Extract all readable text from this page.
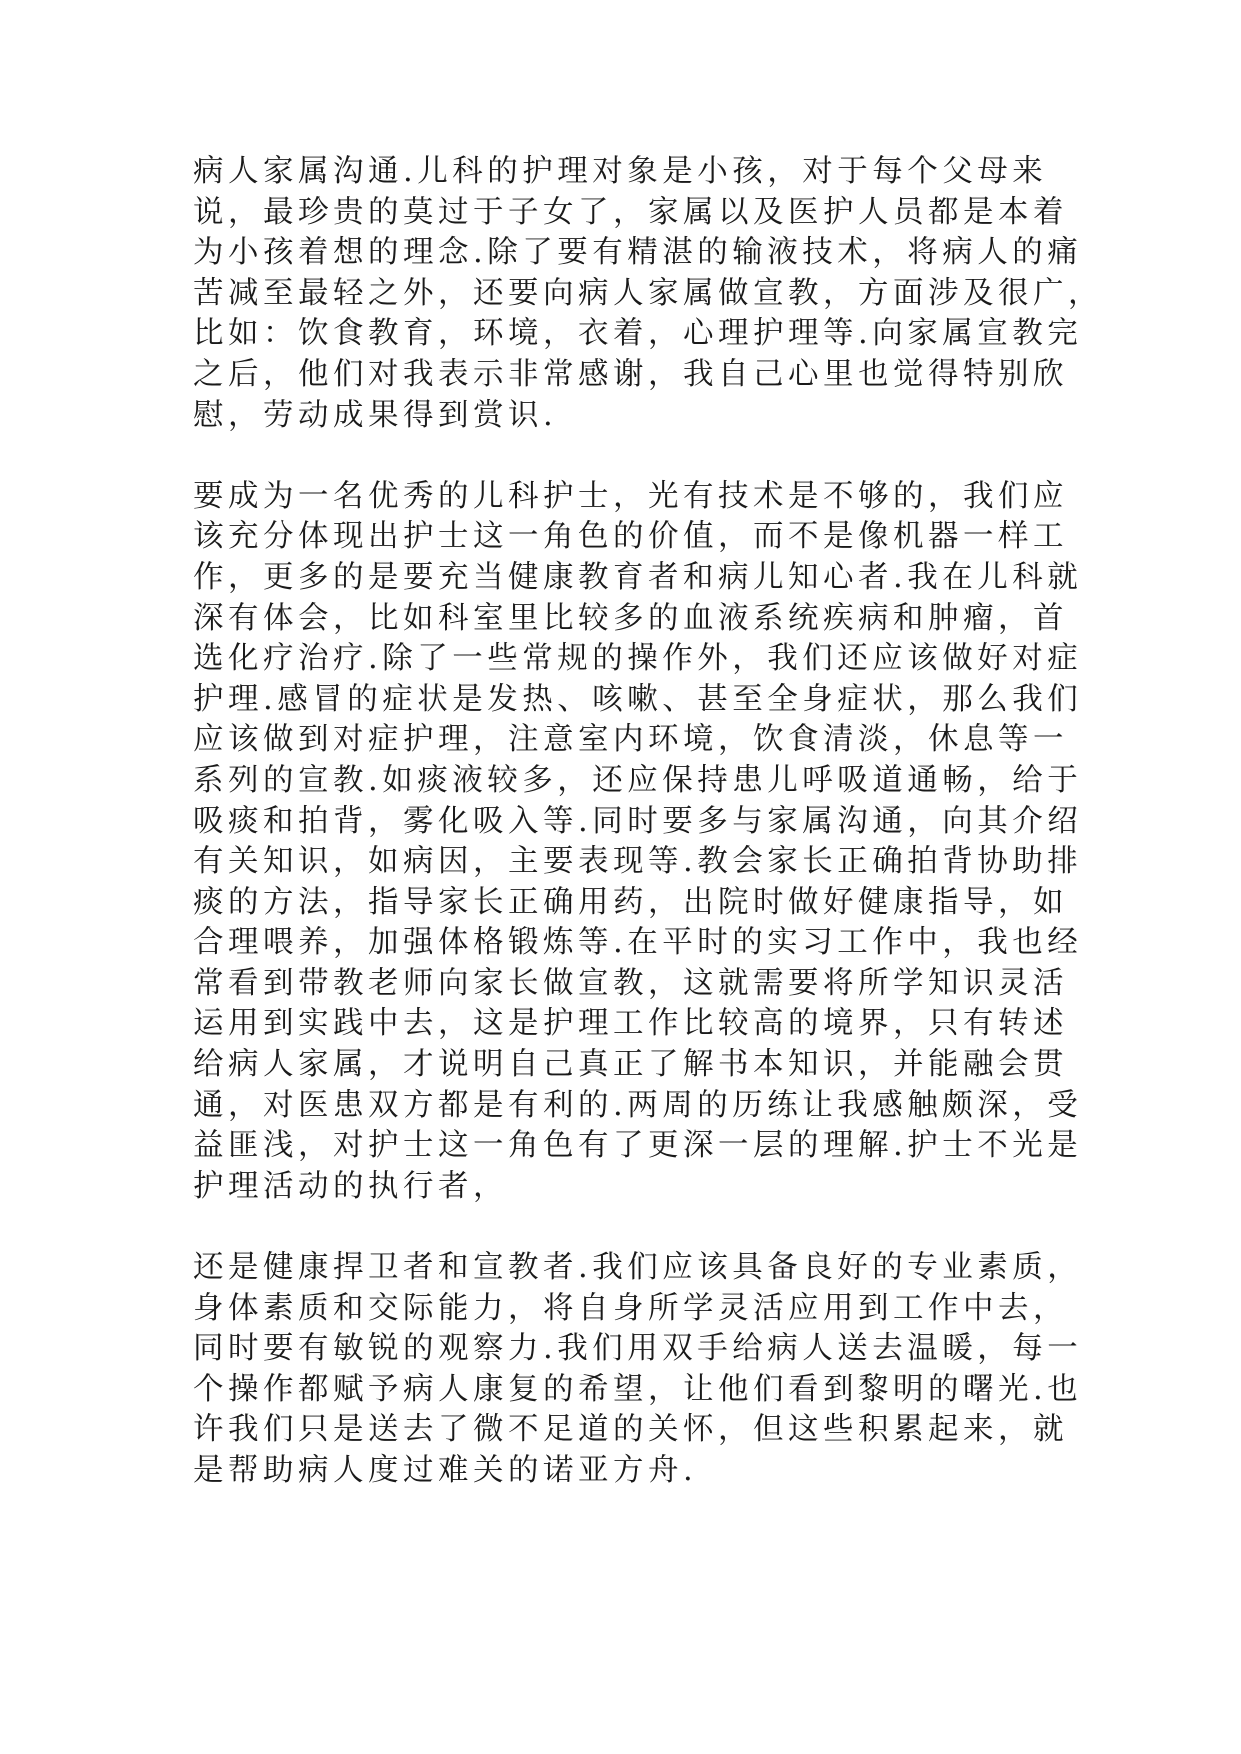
病人家属沟通.儿科的护理对象是小孩，对于每个父母来
说，最珍贵的莫过于子女了，家属以及医护人员都是本着
为小孩着想的理念.除了要有精湛的输液技术，将病人的痛
苦减至最轻之外，还要向病人家属做宣教，方面涉及很广，
比如：饮食教育，环境，衣着，心理护理等.向家属宣教完
之后，他们对我表示非常感谢，我自己心里也觉得特别欣
慰，劳动成果得到赏识.
要成为一名优秀的儿科护士，光有技术是不够的，我们应
该充分体现出护士这一角色的价值，而不是像机器一样工
作，更多的是要充当健康教育者和病儿知心者.我在儿科就
深有体会，比如科室里比较多的血液系统疾病和肿瘤，首
选化疗治疗.除了一些常规的操作外，我们还应该做好对症
护理.感冒的症状是发热、咳嗽、甚至全身症状，那么我们
应该做到对症护理，注意室内环境，饮食清淡，休息等一
系列的宣教.如痰液较多，还应保持患儿呼吸道通畅，给于
吸痰和拍背，雾化吸入等.同时要多与家属沟通，向其介绍
有关知识，如病因，主要表现等.教会家长正确拍背协助排
痰的方法，指导家长正确用药，出院时做好健康指导，如
合理喂养，加强体格锻炼等.在平时的实习工作中，我也经
常看到带教老师向家长做宣教，这就需要将所学知识灵活
运用到实践中去，这是护理工作比较高的境界，只有转述
给病人家属，才说明自己真正了解书本知识，并能融会贯
通，对医患双方都是有利的.两周的历练让我感触颇深，受
益匪浅，对护士这一角色有了更深一层的理解.护士不光是
护理活动的执行者，
还是健康捍卫者和宣教者.我们应该具备良好的专业素质，
身体素质和交际能力，将自身所学灵活应用到工作中去，
同时要有敏锐的观察力.我们用双手给病人送去温暖，每一
个操作都赋予病人康复的希望，让他们看到黎明的曙光.也
许我们只是送去了微不足道的关怀，但这些积累起来，就
是帮助病人度过难关的诺亚方舟.
